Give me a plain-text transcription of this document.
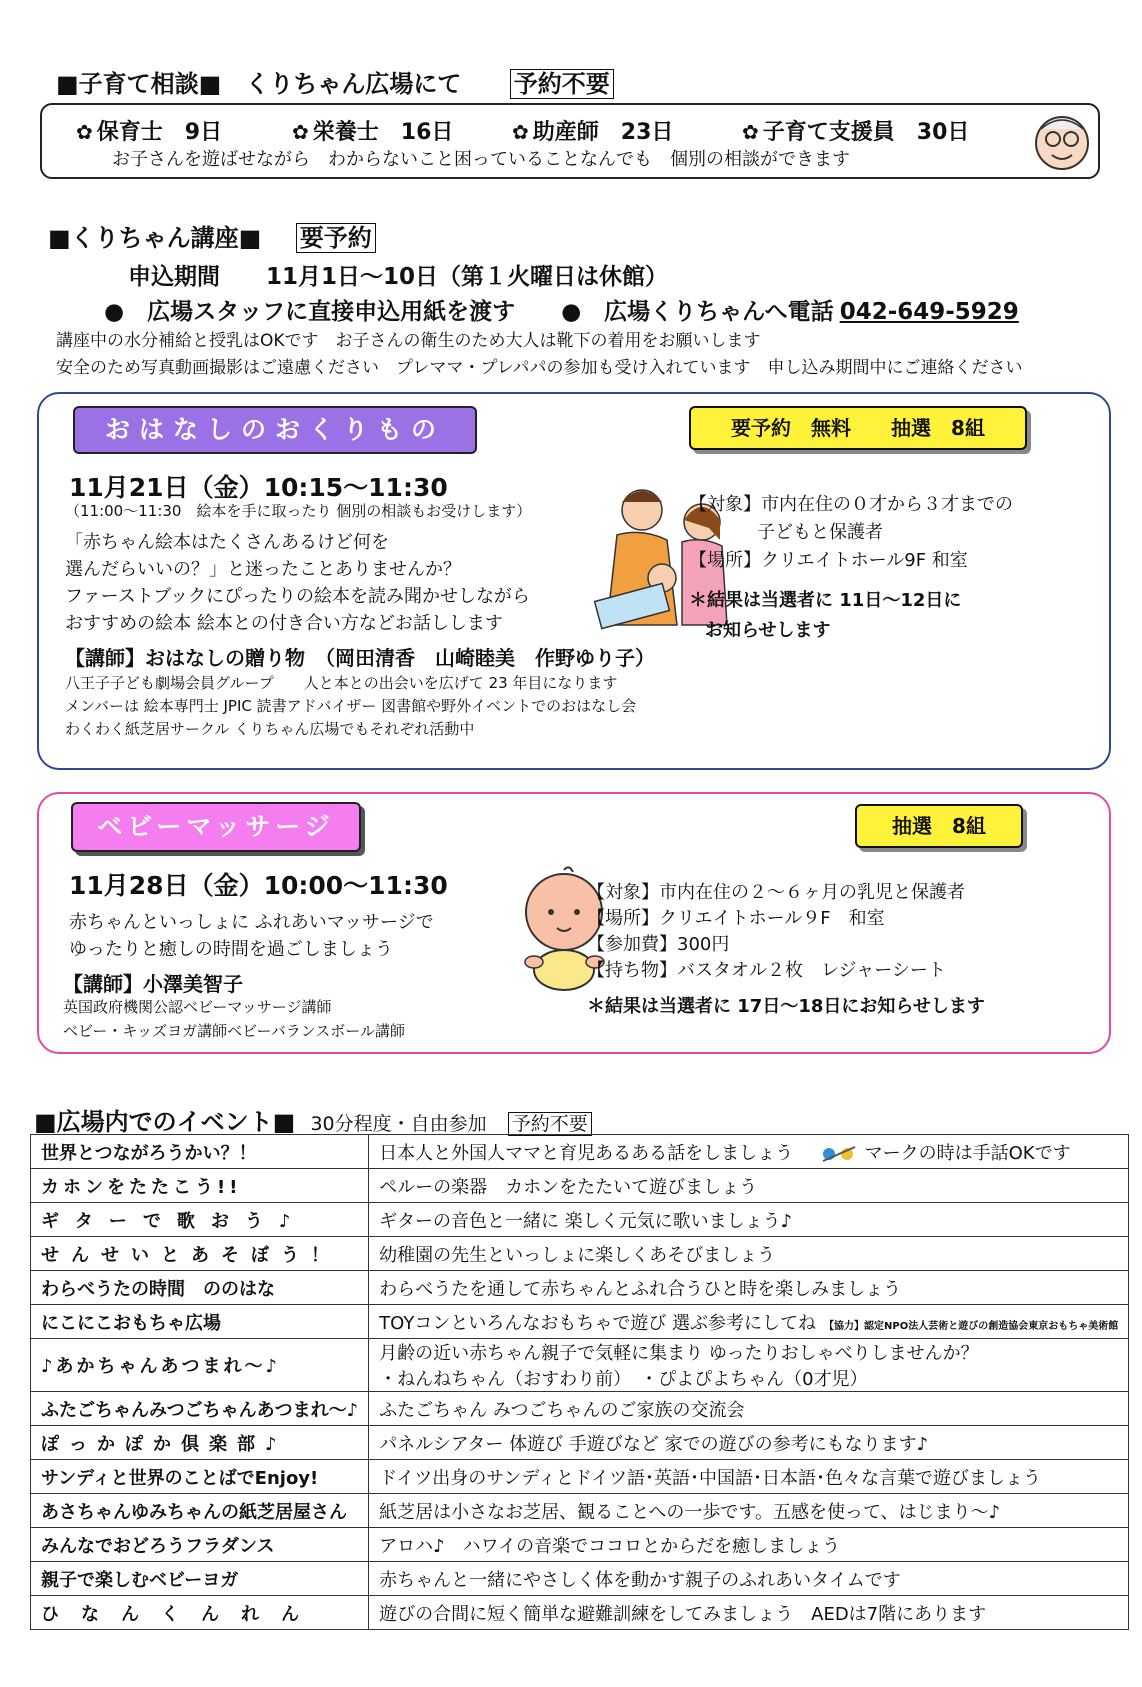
■子育て相談■　くりちゃん広場にて 予約不要
✿ 保育士　 9日	✿ 栄養士　 16日	✿ 助産師　 23日	✿ 子育て支援員　 30日
お子さんを遊ばせながら　わからないこと困っていることなんでも　個別の相談ができます
■くりちゃん講座■ 要予約
申込期間　　11月1日～10日（第１火曜日は休館）
●　広場スタッフに直接申込用紙を渡す　　 ●　広場くりちゃんへ電話 042-649-5929
講座中の水分補給と授乳はOKです　お子さんの衛生のため大人は靴下の着用をお願いします
安全のため写真動画撮影はご遠慮ください　プレママ・プレパパの参加も受け入れています　申し込み期間中にご連絡ください
おはなしのおくりもの	要予約　無料　　抽選　8組
11月21日（金）10:15～11:30
（11:00～11:30　絵本を手に取ったり 個別の相談もお受けします）
「赤ちゃん絵本はたくさんあるけど何を
選んだらいいの？」と迷ったことありませんか？
ファーストブックにぴったりの絵本を読み聞かせしながら
おすすめの絵本 絵本との付き合い方などお話しします
【対象】市内在住の０才から３才までの
子どもと保護者
【場所】クリエイトホール9F 和室
＊結果は当選者に 11日～12日に
お知らせします
【講師】おはなしの贈り物　（岡田清香　山崎睦美　作野ゆり子）
八王子子ども劇場会員グループ　　人と本との出会いを広げて 23 年目になります
メンバーは 絵本専門士 JPIC 読書アドバイザー 図書館や野外イベントでのおはなし会
わくわく紙芝居サークル くりちゃん広場でもそれぞれ活動中
ベビーマッサージ	抽選　8組
11月28日（金）10:00～11:30
赤ちゃんといっしょに ふれあいマッサージで
ゆったりと癒しの時間を過ごしましょう
【講師】小澤美智子
英国政府機関公認ベビーマッサージ講師
ベビー・キッズヨガ講師ベビーバランスボール講師
【対象】市内在住の２～６ヶ月の乳児と保護者
【場所】クリエイトホール９F　和室
【参加費】300円
【持ち物】バスタオル２枚　レジャーシート
＊結果は当選者に 17日～18日にお知らせします
■広場内でのイベント■ 30分程度・自由参加 予約不要
世界とつながろうかい？！	日本人と外国人ママと育児あるある話をしましょう マークの時は手話OKです
カホンをたたこう!!	ペルーの楽器　カホンをたたいて遊びましょう
ギターで歌おう♪	ギターの音色と一緒に 楽しく元気に歌いましょう♪
せんせいとあそぼう！	幼稚園の先生といっしょに楽しくあそびましょう
わらべうたの時間　ののはな	わらべうたを通して赤ちゃんとふれ合うひと時を楽しみましょう
にこにこおもちゃ広場	TOYコンといろんなおもちゃで遊び 選ぶ参考にしてね 【協力】認定NPO法人芸術と遊びの創造協会東京おもちゃ美術館
♪あかちゃんあつまれ～♪	月齢の近い赤ちゃん親子で気軽に集まり ゆったりおしゃべりしませんか？
・ねんねちゃん（おすわり前）　・ぴよぴよちゃん（0才児）

ふたごちゃんみつごちゃんあつまれ～♪	ふたごちゃん みつごちゃんのご家族の交流会
ぽっかぽか倶楽部♪	パネルシアター 体遊び 手遊びなど 家での遊びの参考にもなります♪
サンディと世界のことばでEnjoy!	ドイツ出身のサンディとドイツ語･英語･中国語･日本語･色々な言葉で遊びましょう
あさちゃんゆみちゃんの紙芝居屋さん	紙芝居は小さなお芝居、観ることへの一歩です。五感を使って、はじまり～♪
みんなでおどろうフラダンス	アロハ♪　ハワイの音楽でココロとからだを癒しましょう
親子で楽しむベビーヨガ	赤ちゃんと一緒にやさしく体を動かす親子のふれあいタイムです
ひなんくんれん	遊びの合間に短く簡単な避難訓練をしてみましょう　AEDは7階にあります
